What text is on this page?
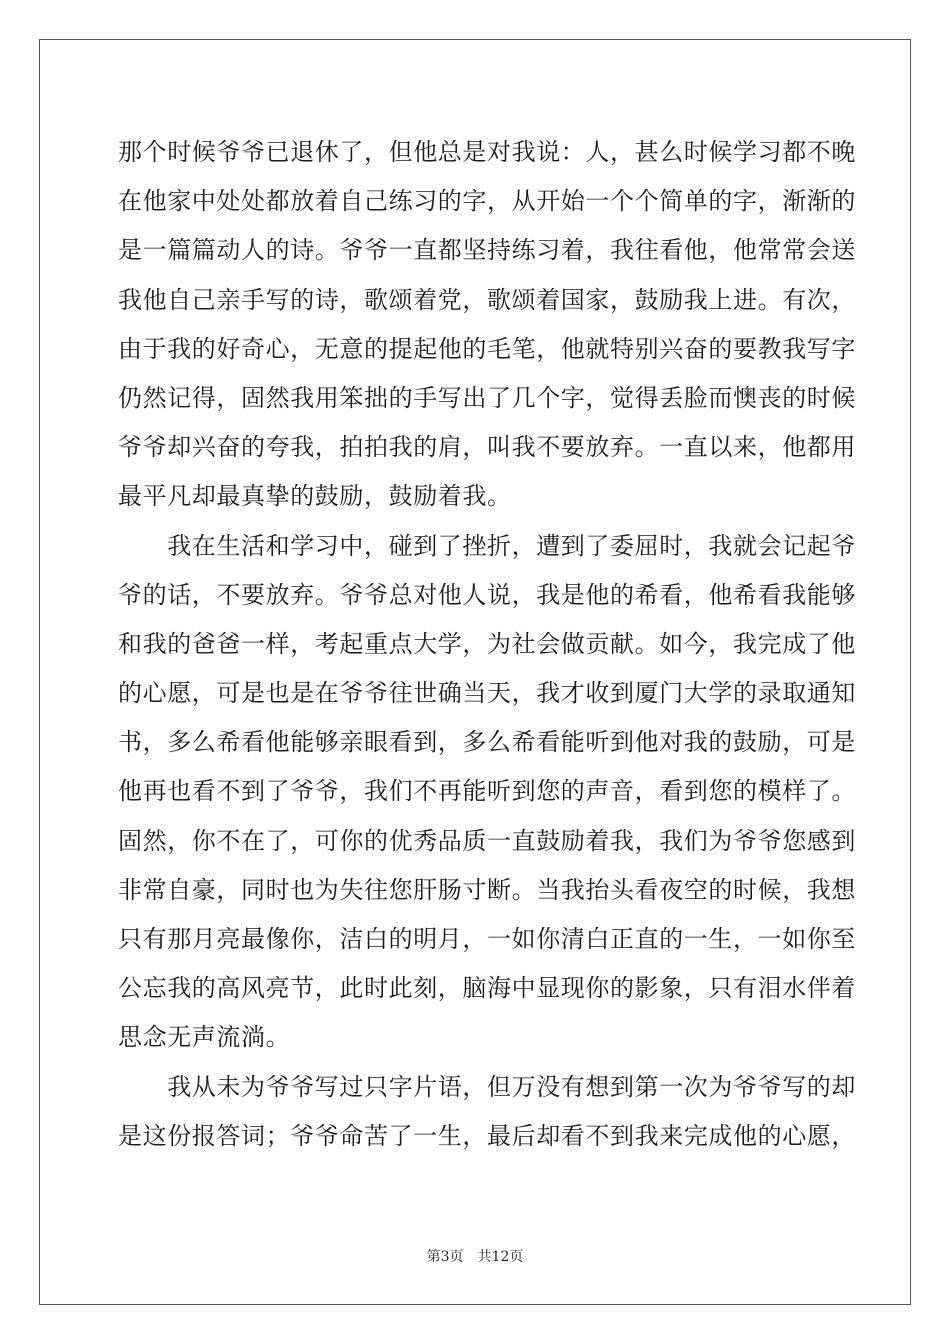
那个时候爷爷已退休了，但他总是对我说：人，甚么时候学习都不晚
在他家中处处都放着自己练习的字，从开始一个个简单的字，渐渐的
是一篇篇动人的诗。爷爷一直都坚持练习着，我往看他，他常常会送
我他自己亲手写的诗，歌颂着党，歌颂着国家，鼓励我上进。有次，
由于我的好奇心，无意的提起他的毛笔，他就特别兴奋的要教我写字
仍然记得，固然我用笨拙的手写出了几个字，觉得丢脸而懊丧的时候
爷爷却兴奋的夸我，拍拍我的肩，叫我不要放弃。一直以来，他都用
最平凡却最真挚的鼓励，鼓励着我。
　　我在生活和学习中，碰到了挫折，遭到了委屈时，我就会记起爷
爷的话，不要放弃。爷爷总对他人说，我是他的希看，他希看我能够
和我的爸爸一样，考起重点大学，为社会做贡献。如今，我完成了他
的心愿，可是也是在爷爷往世确当天，我才收到厦门大学的录取通知
书，多么希看他能够亲眼看到，多么希看能听到他对我的鼓励，可是
他再也看不到了爷爷，我们不再能听到您的声音，看到您的模样了。
固然，你不在了，可你的优秀品质一直鼓励着我，我们为爷爷您感到
非常自豪，同时也为失往您肝肠寸断。当我抬头看夜空的时候，我想
只有那月亮最像你，洁白的明月，一如你清白正直的一生，一如你至
公忘我的高风亮节，此时此刻，脑海中显现你的影象，只有泪水伴着
思念无声流淌。
　　我从未为爷爷写过只字片语，但万没有想到第一次为爷爷写的却
是这份报答词；爷爷命苦了一生，最后却看不到我来完成他的心愿，
第3页 共12页
